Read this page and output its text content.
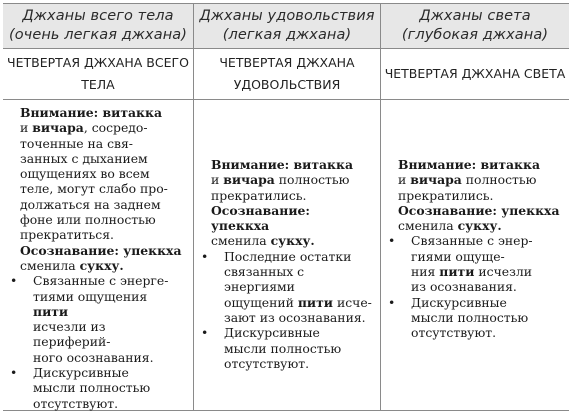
Джханы всего тела
(очень легкая джхана)
Джханы удовольствия
(легкая джхана)
Джханы света
(глубокая джхана)
ЧЕТВЕРТАЯ ДЖХАНА ВСЕГО
ТЕЛА
ЧЕТВЕРТАЯ ДЖХАНА
УДОВОЛЬСТВИЯ
ЧЕТВЕРТАЯ ДЖХАНА СВЕТА

Внимание: витакка

и вичара, сосредо-

точенные на свя-

занных с дыханием

ощущениях во всем

теле, могут слабо про-

должаться на заднем

фоне или полностью

прекратиться.

Осознавание: упеккха

сменила сукху.

• Связанные с энерге-

тиями ощущения пити

исчезли из периферий-

ного осознавания.

• Дискурсивные

мысли полностью

отсутствуют.

Внимание: витакка

и вичара полностью

прекратились.

Осознавание: упеккха

сменила сукху.

• Последние остатки

связанных с энергиями

ощущений пити исче-

зают из осознавания.

• Дискурсивные

мысли полностью

отсутствуют.

Внимание: витакка

и вичара полностью

прекратились.

Осознавание: упеккха

сменила сукху.

• Связанные с энер-

гиями ощуще-

ния пити исчезли

из осознавания.

• Дискурсивные

мысли полностью

отсутствуют.
